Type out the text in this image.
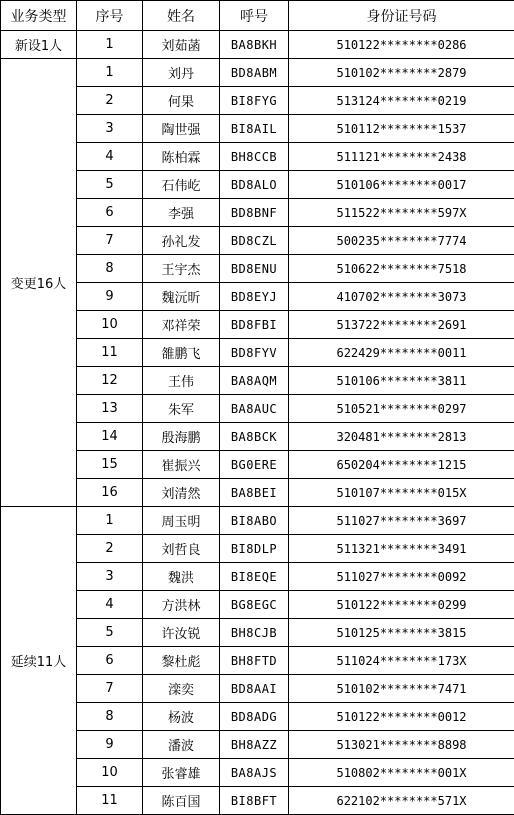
业务类型	序号	姓名	呼号	身份证号码
新设1人	1	刘茹菡	BA8BKH	510122********0286
变更16人	1	刘丹	BD8ABM	510102********2879
	2	何果	BI8FYG	513124********0219
	3	陶世强	BI8AIL	510112********1537
	4	陈柏霖	BH8CCB	511121********2438
	5	石伟屹	BD8ALO	510106********0017
	6	李强	BD8BNF	511522********597X
	7	孙礼发	BD8CZL	500235********7774
	8	王宇杰	BD8ENU	510622********7518
	9	魏沅昕	BD8EYJ	410702********3073
	10	邓祥荣	BD8FBI	513722********2691
	11	雒鹏飞	BD8FYV	622429********0011
	12	王伟	BA8AQM	510106********3811
	13	朱军	BA8AUC	510521********0297
	14	殷海鹏	BA8BCK	320481********2813
	15	崔振兴	BG0ERE	650204********1215
	16	刘清然	BA8BEI	510107********015X
延续11人	1	周玉明	BI8ABO	511027********3697
	2	刘哲良	BI8DLP	511321********3491
	3	魏洪	BI8EQE	511027********0092
	4	方洪林	BG8EGC	510122********0299
	5	许汝锐	BH8CJB	510125********3815
	6	黎杜彪	BH8FTD	511024********173X
	7	滦奕	BD8AAI	510102********7471
	8	杨波	BD8ADG	510122********0012
	9	潘波	BH8AZZ	513021********8898
	10	张睿雄	BA8AJS	510802********001X
	11	陈百国	BI8BFT	622102********571X
